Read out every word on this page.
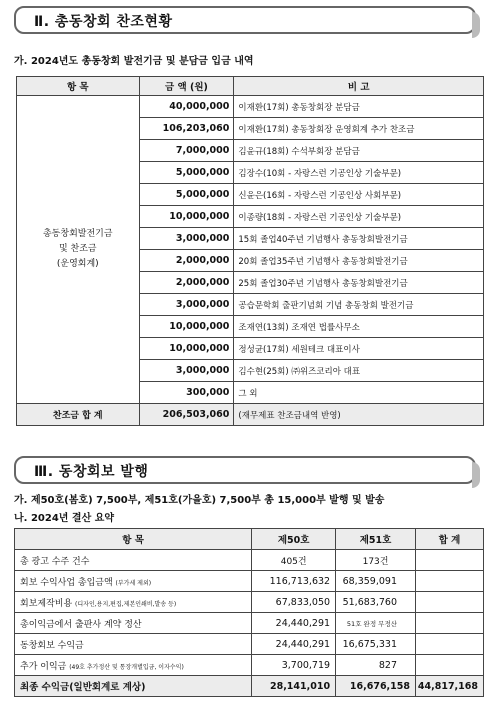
Ⅱ. 총동창회 찬조현황
가. 2024년도 총동창회 발전기금 및 분담금 입금 내역
항 목	금 액 (원)	비 고
총동창회발전기금
및 찬조금
(운영회계)	40,000,000	이재환(17회) 총동창회장 분담금
	106,203,060	이재환(17회) 총동창회장 운영회계 추가 찬조금
	7,000,000	김윤규(18회) 수석부회장 분담금
	5,000,000	김장수(10회 - 자랑스런 기공인상 기술부문)
	5,000,000	신윤은(16회 - 자랑스런 기공인상 사회부문)
	10,000,000	이종량(18회 - 자랑스런 기공인상 기술부문)
	3,000,000	15회 졸업40주년 기념행사 총동창회발전기금
	2,000,000	20회 졸업35주년 기념행사 총동창회발전기금
	2,000,000	25회 졸업30주년 기념행사 총동창회발전기금
	3,000,000	공습문학회 출판기념회 기념 총동창회 발전기금
	10,000,000	조재연(13회) 조재연 법률사무소
	10,000,000	정성균(17회) 세원테크 대표이사
	3,000,000	김수현(25회) ㈜위즈코리아 대표
	300,000	그 외
찬조금 합 계	206,503,060	(재무제표 찬조금내역 반영)
Ⅲ. 동창회보 발행
가. 제50호(봄호) 7,500부, 제51호(가을호) 7,500부 총 15,000부 발행 및 발송
나. 2024년 결산 요약
항 목	제50호	제51호	합 계
총 광고 수주 건수	405건	173건	
회보 수익사업 총입금액 (부가세 제외)	116,713,632	68,359,091	
회보제작비용 (디자인,용지,편집,제본인쇄비,발송 등)	67,833,050	51,683,760	
총이익금에서 출판사 계약 정산	24,440,291	51호 완정 무정산	
동창회보 수익금	24,440,291	16,675,331	
추가 이익금 (49호 추가정산 및 통장개별입금, 이자수익)	3,700,719	827	
최종 수익금(일반회계로 계상)	28,141,010	16,676,158	44,817,168
